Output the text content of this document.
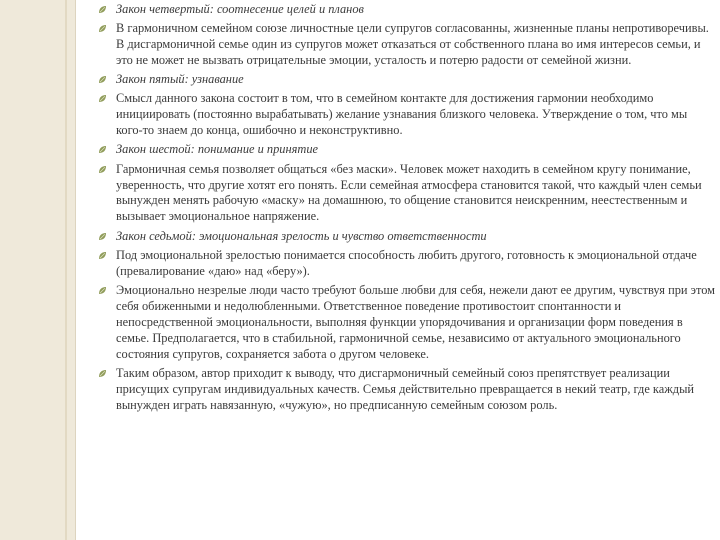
Закон четвертый: соотнесение целей и планов
В гармоничном семейном союзе личностные цели супругов согласованны, жизненные планы непротиворечивы. В дисгармоничной семье один из супругов может отказаться от собственного плана во имя интересов семьи, и это не может не вызвать отрицательные эмоции, усталость и потерю радости от семейной жизни.
Закон пятый: узнавание
Смысл данного закона состоит в том, что в семейном контакте для достижения гармонии необходимо инициировать (постоянно вырабатывать) желание узнавания близкого человека. Утверждение о том, что мы кого-то знаем до конца, ошибочно и неконструктивно.
Закон шестой: понимание и принятие
Гармоничная семья позволяет общаться «без маски». Человек может находить в семейном кругу понимание, уверенность, что другие хотят его понять. Если семейная атмосфера становится такой, что каждый член семьи вынужден менять рабочую «маску» на домашнюю, то общение становится неискренним, неестественным и вызывает эмоциональное напряжение.
Закон седьмой: эмоциональная зрелость и чувство ответственности
Под эмоциональной зрелостью понимается способность любить другого, готовность к эмоциональной отдаче (превалирование «даю» над «беру»).
Эмоционально незрелые люди часто требуют больше любви для себя, нежели дают ее другим, чувствуя при этом себя обиженными и недолюбленными. Ответственное поведение противостоит спонтанности и непосредственной эмоциональности, выполняя функции упорядочивания и организации форм поведения в семье. Предполагается, что в стабильной, гармоничной семье, независимо от актуального эмоционального состояния супругов, сохраняется забота о другом человеке.
Таким образом, автор приходит к выводу, что дисгармоничный семейный союз препятствует реализации присущих супругам индивидуальных качеств. Семья действительно превращается в некий театр, где каждый вынужден играть навязанную, «чужую», но предписанную семейным союзом роль.
